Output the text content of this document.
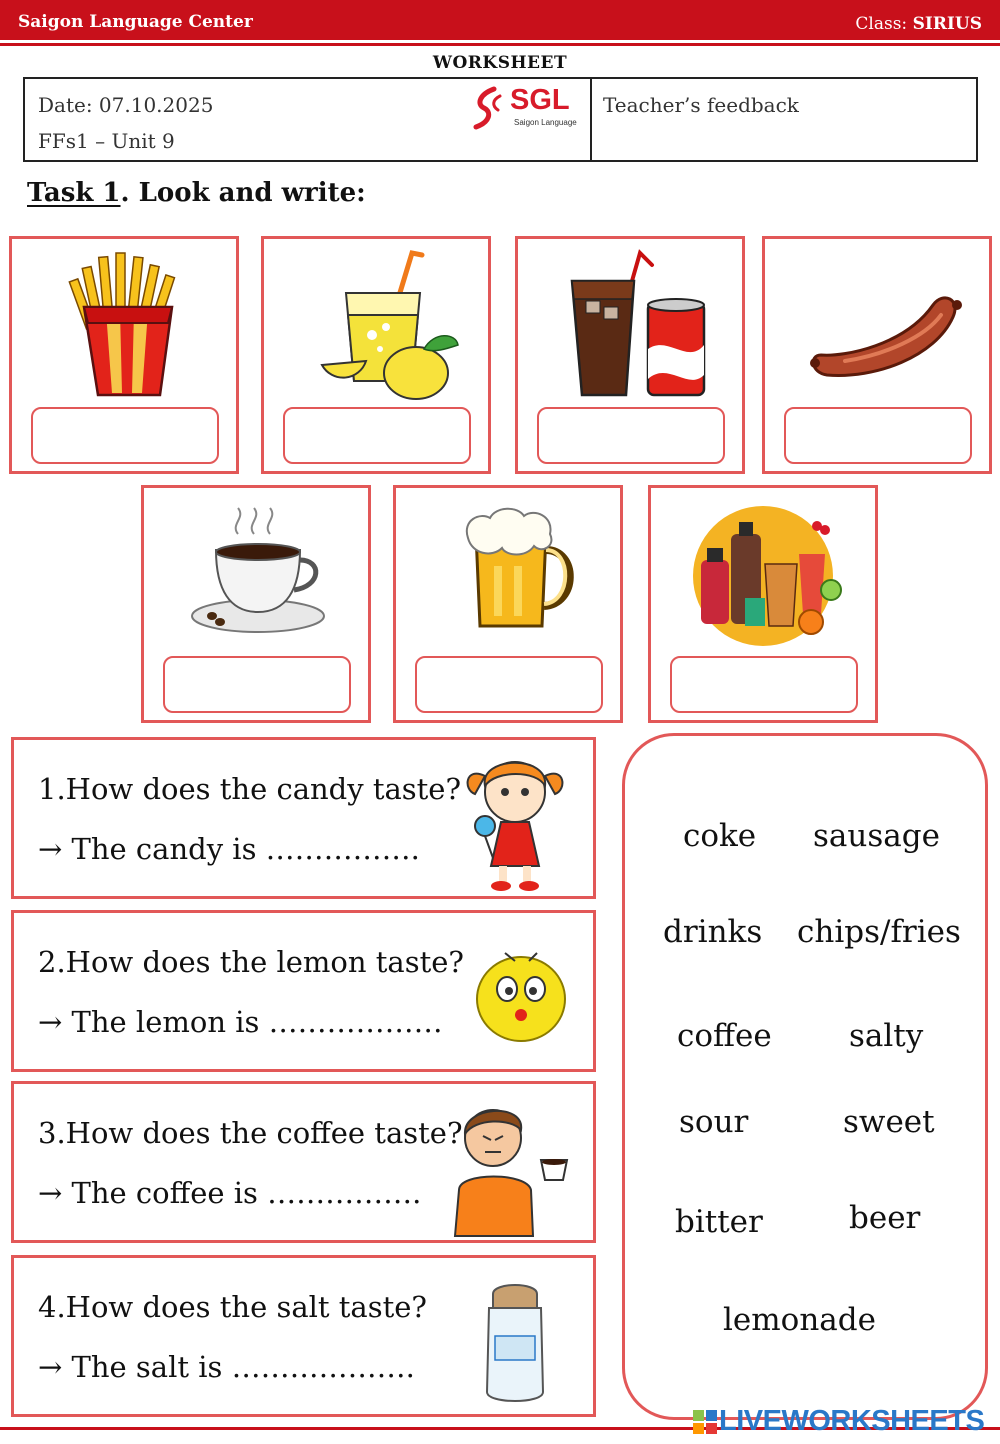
Saigon Language Center	Class: SIRIUS
WORKSHEET
Date: 07.10.2025
FFs1 – Unit 9
SGL
Saigon Language
Teacher’s feedback
Task 1. Look and write:
1.How does the candy taste?
→ The candy is …………….
2.How does the lemon taste?
→ The lemon is ………………
3.How does the coffee taste?
→ The coffee is …………….
4.How does the salt taste?
→ The salt is ……………….
coke sausage
drinks chips/fries
coffee salty
sour	sweet
bitter	beer
lemonade
LIVEWORKSHEETS
